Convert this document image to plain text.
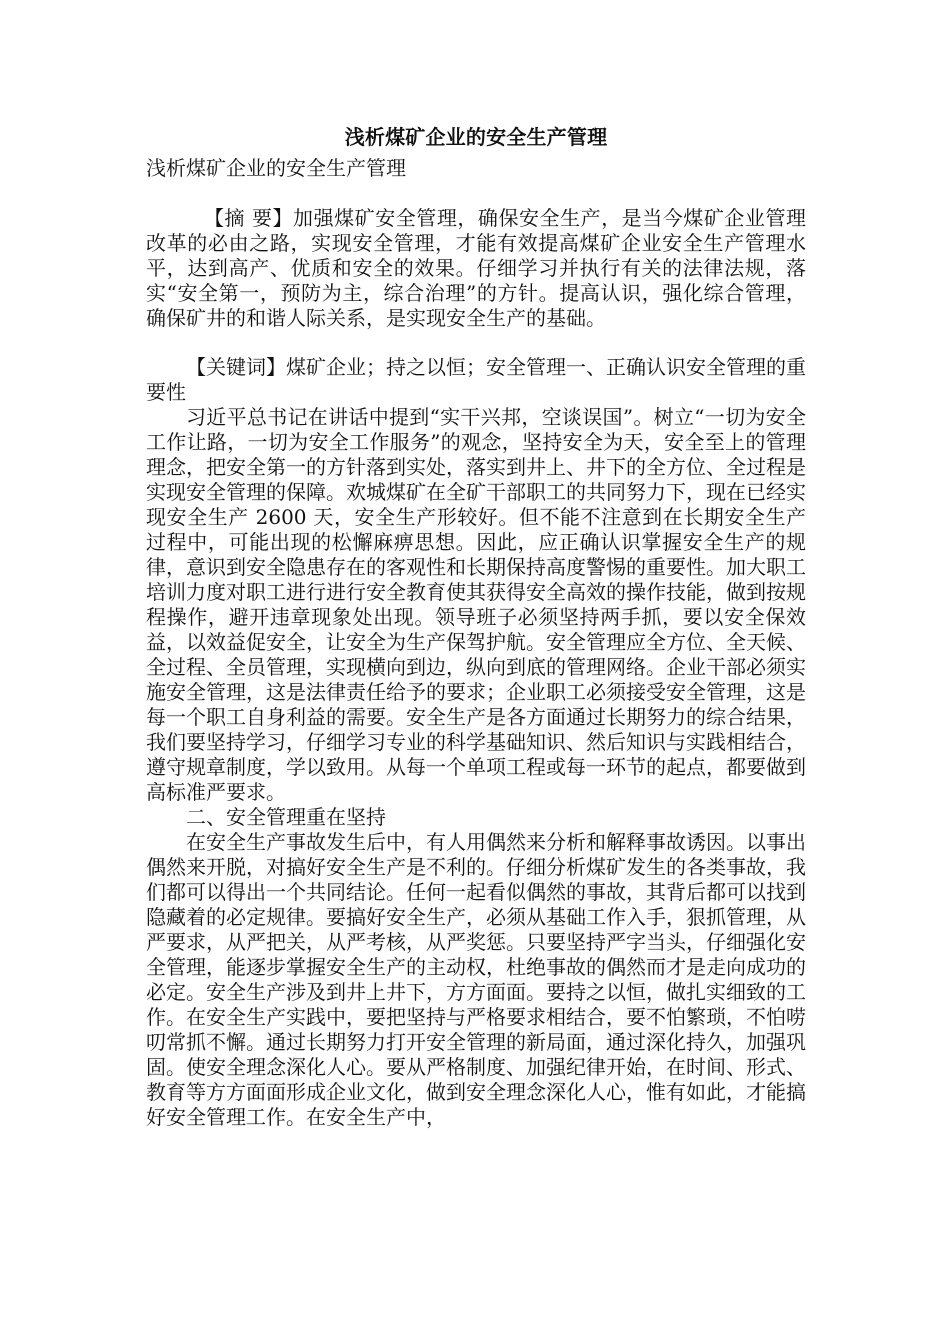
浅析煤矿企业的安全生产管理

浅析煤矿企业的安全生产管理

【摘 要】加强煤矿安全管理，确保安全生产，是当今煤矿企业管理改革的必由之路，实现安全管理，才能有效提高煤矿企业安全生产管理水平，达到高产、优质和安全的效果。仔细学习并执行有关的法律法规，落实“安全第一，预防为主，综合治理”的方针。提高认识，强化综合管理，确保矿井的和谐人际关系，是实现安全生产的基础。

【关键词】煤矿企业；持之以恒；安全管理一、正确认识安全管理的重要性

习近平总书记在讲话中提到“实干兴邦，空谈误国”。树立“一切为安全工作让路，一切为安全工作服务”的观念，坚持安全为天，安全至上的管理理念，把安全第一的方针落到实处，落实到井上、井下的全方位、全过程是实现安全管理的保障。欢城煤矿在全矿干部职工的共同努力下，现在已经实现安全生产 2600 天，安全生产形较好。但不能不注意到在长期安全生产过程中，可能出现的松懈麻痹思想。因此，应正确认识掌握安全生产的规律，意识到安全隐患存在的客观性和长期保持高度警惕的重要性。加大职工培训力度对职工进行进行安全教育使其获得安全高效的操作技能，做到按规程操作，避开违章现象处出现。领导班子必须坚持两手抓，要以安全保效益，以效益促安全，让安全为生产保驾护航。安全管理应全方位、全天候、全过程、全员管理，实现横向到边，纵向到底的管理网络。企业干部必须实施安全管理，这是法律责任给予的要求；企业职工必须接受安全管理，这是每一个职工自身利益的需要。安全生产是各方面通过长期努力的综合结果，我们要坚持学习，仔细学习专业的科学基础知识、然后知识与实践相结合，遵守规章制度，学以致用。从每一个单项工程或每一环节的起点，都要做到高标准严要求。

二、安全管理重在坚持

在安全生产事故发生后中，有人用偶然来分析和解释事故诱因。以事出偶然来开脱，对搞好安全生产是不利的。仔细分析煤矿发生的各类事故，我们都可以得出一个共同结论。任何一起看似偶然的事故，其背后都可以找到隐藏着的必定规律。要搞好安全生产，必须从基础工作入手，狠抓管理，从严要求，从严把关，从严考核，从严奖惩。只要坚持严字当头，仔细强化安全管理，能逐步掌握安全生产的主动权，杜绝事故的偶然而才是走向成功的必定。安全生产涉及到井上井下，方方面面。要持之以恒，做扎实细致的工作。在安全生产实践中，要把坚持与严格要求相结合，要不怕繁琐，不怕唠叨常抓不懈。通过长期努力打开安全管理的新局面，通过深化持久，加强巩固。使安全理念深化人心。要从严格制度、加强纪律开始，在时间、形式、教育等方方面面形成企业文化，做到安全理念深化人心，惟有如此，才能搞好安全管理工作。在安全生产中，
